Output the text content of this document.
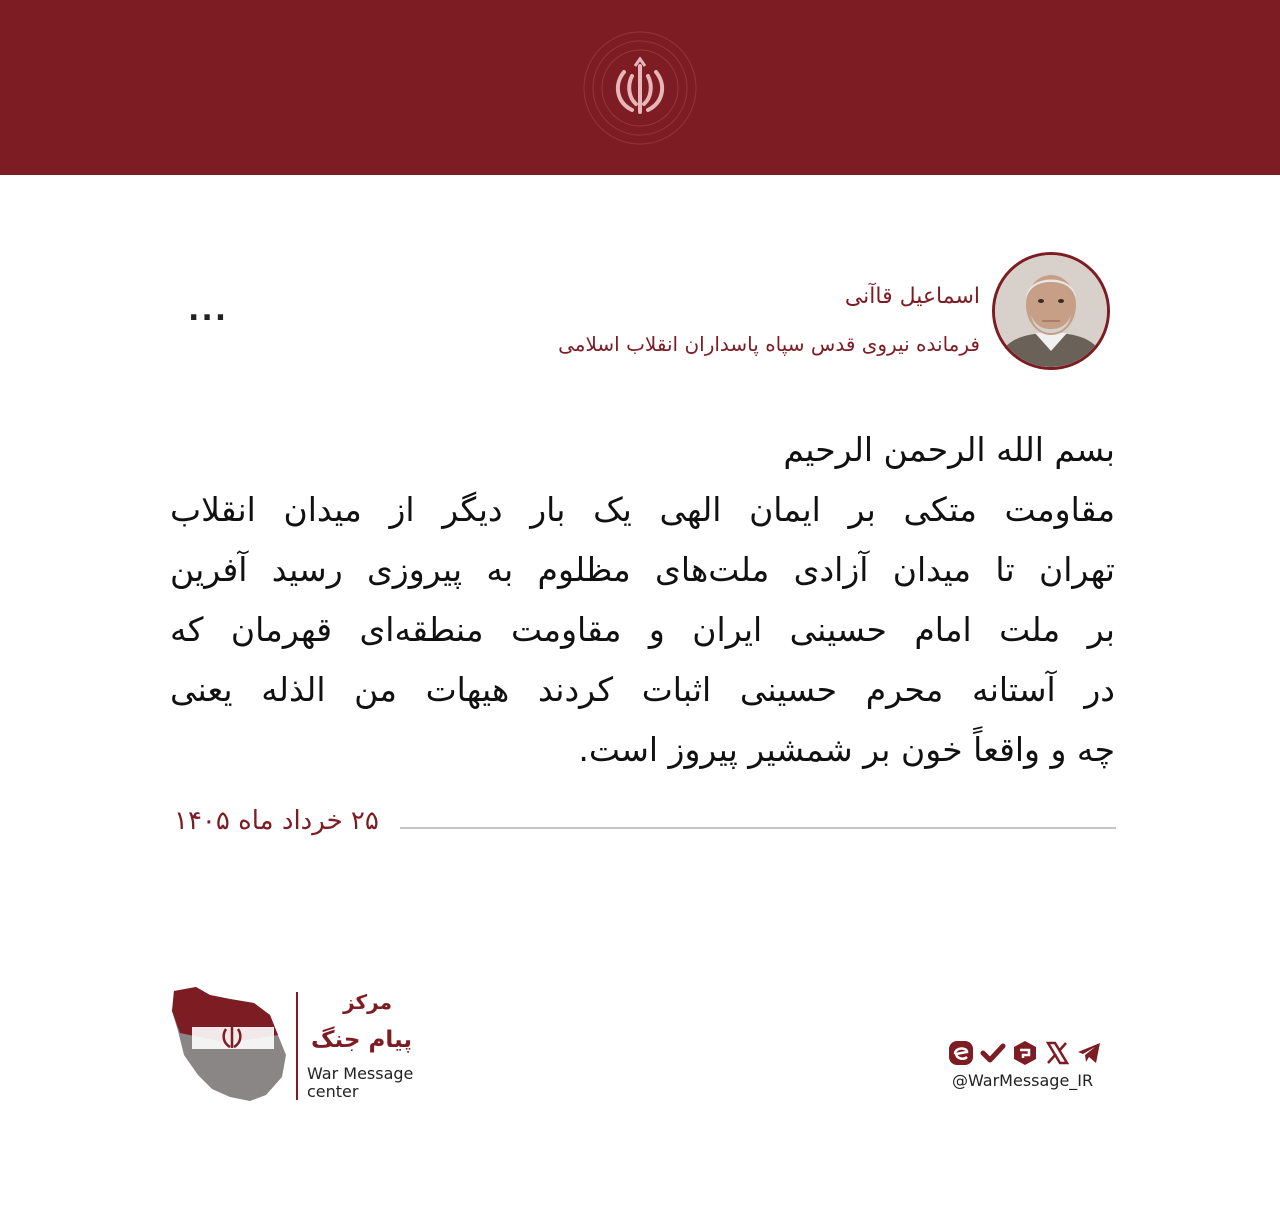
اسماعیل قاآنی
فرمانده نیروی قدس سپاه پاسداران انقلاب اسلامی
...
بسم الله الرحمن الرحیم
مقاومت متکی بر ایمان الهی یک بار دیگر از میدان انقلاب
تهران تا میدان آزادی ملت‌های مظلوم به پیروزی رسید آفرین
بر ملت امام حسینی ایران و مقاومت منطقه‌ای قهرمان که
در آستانه محرم حسینی اثبات کردند هیهات من الذله یعنی
چه و واقعاً خون بر شمشیر پیروز است.
۲۵ خرداد ماه ۱۴۰۵
مرکز
پیام جنگ
War Message
center
@WarMessage_IR
